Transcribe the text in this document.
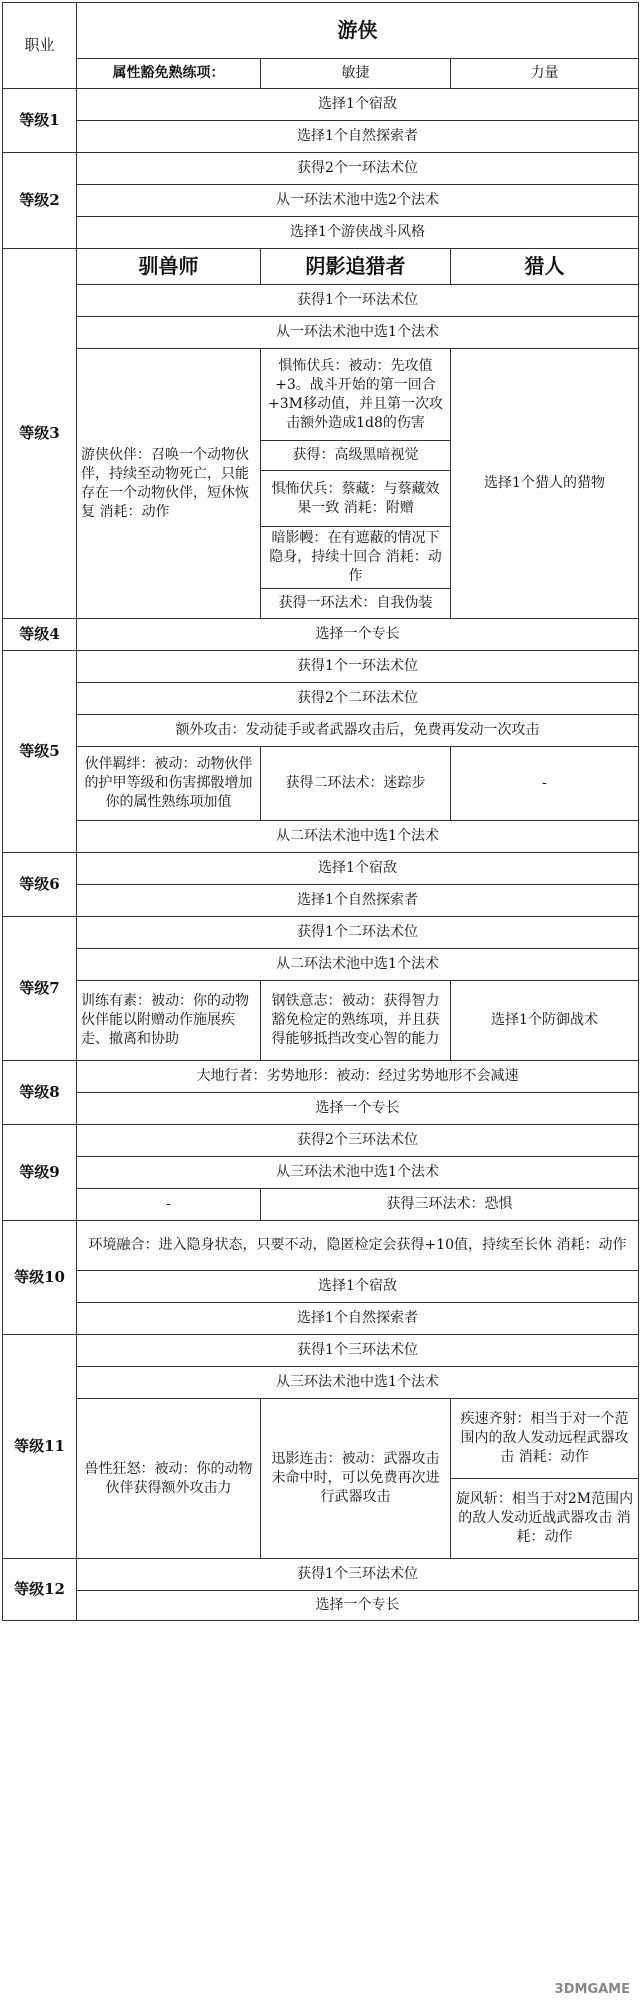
职业	游侠		
	属性豁免熟练项：	敏捷	力量
等级1	选择1个宿敌		
	选择1个自然探索者		
等级2	获得2个一环法术位		
	从一环法术池中选2个法术		
	选择1个游侠战斗风格		
等级3	驯兽师	阴影追猎者	猎人
	获得1个一环法术位		
	从一环法术池中选1个法术		
	游侠伙伴：召唤一个动物伙伴，持续至动物死亡，只能存在一个动物伙伴，短休恢复 消耗：动作	惧怖伏兵：被动：先攻值+3。战斗开始的第一回合+3M移动值，并且第一次攻击额外造成1d8的伤害	选择1个猎人的猎物
		获得：高级黑暗视觉	
		惧怖伏兵：蔡藏：与蔡藏效果一致 消耗：附赠	
		暗影幔：在有遮蔽的情况下隐身，持续十回合 消耗：动作	
		获得一环法术：自我伪装	

等级4	选择一个专长		
等级5	获得1个一环法术位		
	获得2个二环法术位		
	额外攻击：发动徒手或者武器攻击后，免费再发动一次攻击		
	伙伴羁绊：被动：动物伙伴的护甲等级和伤害掷骰增加你的属性熟练项加值	获得二环法术：迷踪步	-
	从二环法术池中选1个法术		
等级6	选择1个宿敌		
	选择1个自然探索者		
等级7	获得1个二环法术位		
	从二环法术池中选1个法术		
	训练有素：被动：你的动物伙伴能以附赠动作施展疾走、撤离和协助	钢铁意志：被动：获得智力豁免检定的熟练项，并且获得能够抵挡改变心智的能力	选择1个防御战术
等级8	大地行者：劣势地形：被动：经过劣势地形不会减速		
	选择一个专长		
等级9	获得2个三环法术位		
	从三环法术池中选1个法术		
	-	获得三环法术：恐惧	
等级10	环境融合：进入隐身状态，只要不动，隐匿检定会获得+10值，持续至长休 消耗：动作		
	选择1个宿敌		
	选择1个自然探索者		
等级11	获得1个三环法术位		
	从三环法术池中选1个法术		
	兽性狂怒：被动：你的动物伙伴获得额外攻击力	迅影连击：被动：武器攻击未命中时，可以免费再次进行武器攻击	疾速齐射：相当于对一个范围内的敌人发动远程武器攻击 消耗：动作
			旋风斩：相当于对2M范围内的敌人发动近战武器攻击 消耗：动作
等级12	获得1个三环法术位		
	选择一个专长		
3DMGAME
